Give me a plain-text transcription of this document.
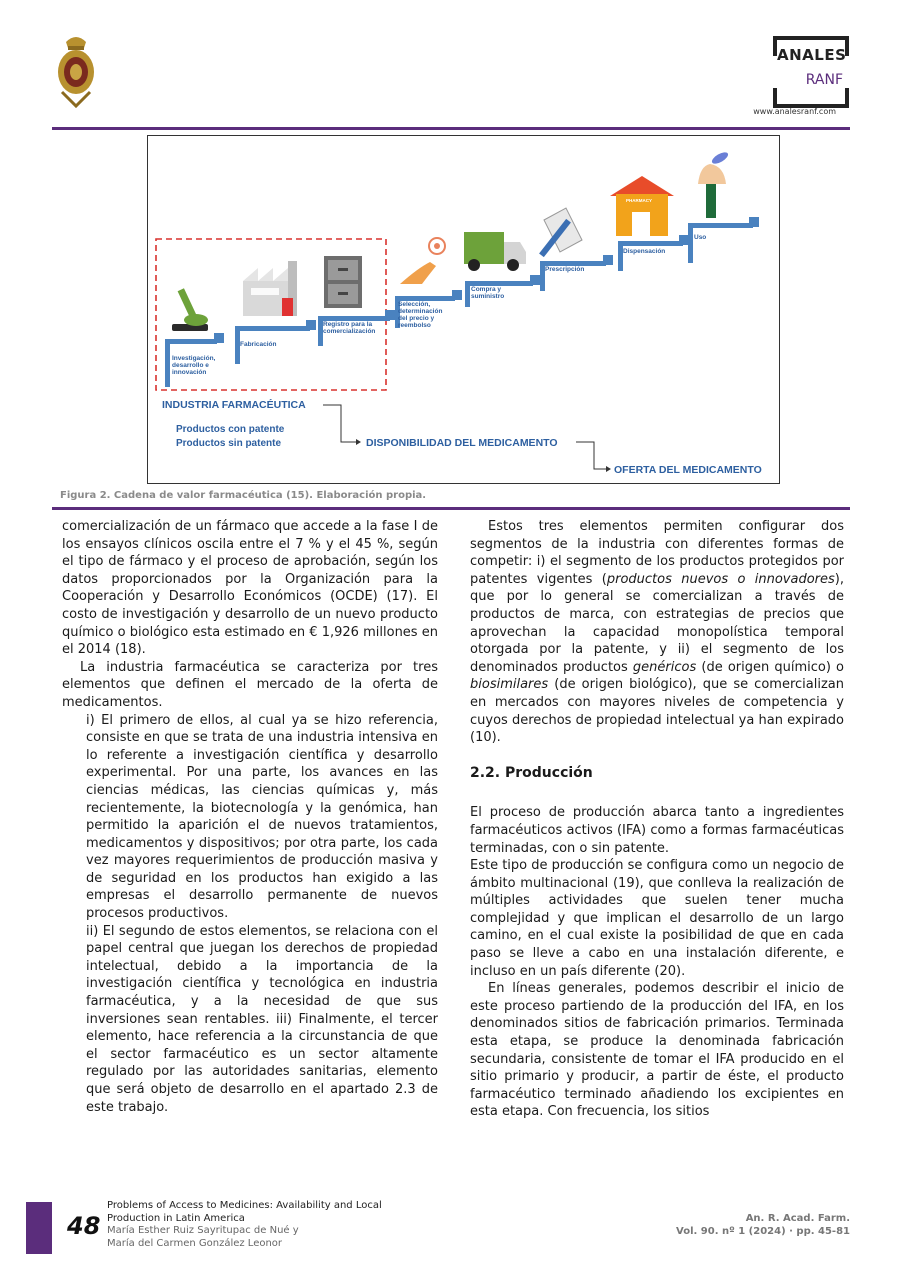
ANALES
RANF
www.analesranf.com
PHARMACY
Investigación,
desarrollo e
innovación
Fabricación
Registro para la
comercialización
Selección,
determinación
del precio y
reembolso
Compra y
suministro
Prescripción
Dispensación
Uso
INDUSTRIA FARMACÉUTICA
Productos con patente
Productos sin patente	DISPONIBILIDAD DEL MEDICAMENTO
OFERTA DEL MEDICAMENTO
Figura 2. Cadena de valor farmacéutica (15). Elaboración propia.

comercialización de un fármaco que accede a la fase I de los ensayos clínicos oscila entre el 7 % y el 45 %, según el tipo de fármaco y el proceso de aprobación, según los datos proporcionados por la Organización para la Cooperación y Desarrollo Económicos (OCDE) (17). El costo de investigación y desarrollo de un nuevo producto químico o biológico esta estimado en € 1,926 millones en el 2014 (18).

La industria farmacéutica se caracteriza por tres elementos que definen el mercado de la oferta de medicamentos.

i) El primero de ellos, al cual ya se hizo referencia, consiste en que se trata de una industria intensiva en lo referente a investigación científica y desarrollo experimental. Por una parte, los avances en las ciencias médicas, las ciencias químicas y, más recientemente, la biotecnología y la genómica, han permitido la aparición el de nuevos tratamientos, medicamentos y dispositivos; por otra parte, los cada vez mayores requerimientos de producción masiva y de seguridad en los productos han exigido a las empresas el desarrollo permanente de nuevos procesos productivos.

ii) El segundo de estos elementos, se relaciona con el papel central que juegan los derechos de propiedad intelectual, debido a la importancia de la investigación científica y tecnológica en industria farmacéutica, y a la necesidad de que sus inversiones sean rentables. iii) Finalmente, el tercer elemento, hace referencia a la circunstancia de que el sector farmacéutico es un sector altamente regulado por las autoridades sanitarias, elemento que será objeto de desarrollo en el apartado 2.3 de este trabajo.

Estos tres elementos permiten configurar dos segmentos de la industria con diferentes formas de competir: i) el segmento de los productos protegidos por patentes vigentes (productos nuevos o innovadores), que por lo general se comercializan a través de productos de marca, con estrategias de precios que aprovechan la capacidad monopolística temporal otorgada por la patente, y ii) el segmento de los denominados productos genéricos (de origen químico) o biosimilares (de origen biológico), que se comercializan en mercados con mayores niveles de competencia y cuyos derechos de propiedad intelectual ya han expirado (10).

2.2. Producción

El proceso de producción abarca tanto a ingredientes farmacéuticos activos (IFA) como a formas farmacéuticas terminadas, con o sin patente.

Este tipo de producción se configura como un negocio de ámbito multinacional (19), que conlleva la realización de múltiples actividades que suelen tener mucha complejidad y que implican el desarrollo de un largo camino, en el cual existe la posibilidad de que en cada paso se lleve a cabo en una instalación diferente, e incluso en un país diferente (20).

En líneas generales, podemos describir el inicio de este proceso partiendo de la producción del IFA, en los denominados sitios de fabricación primarios. Terminada esta etapa, se produce la denominada fabricación secundaria, consistente de tomar el IFA producido en el sitio primario y producir, a partir de éste, el producto farmacéutico terminado añadiendo los excipientes en esta etapa. Con frecuencia, los sitios

48
Problems of Access to Medicines: Availability and Local
Production in Latin America
María Esther Ruiz Sayritupac de Nué y
María del Carmen González Leonor
An. R. Acad. Farm.
Vol. 90. nº 1 (2024) · pp. 45-81
